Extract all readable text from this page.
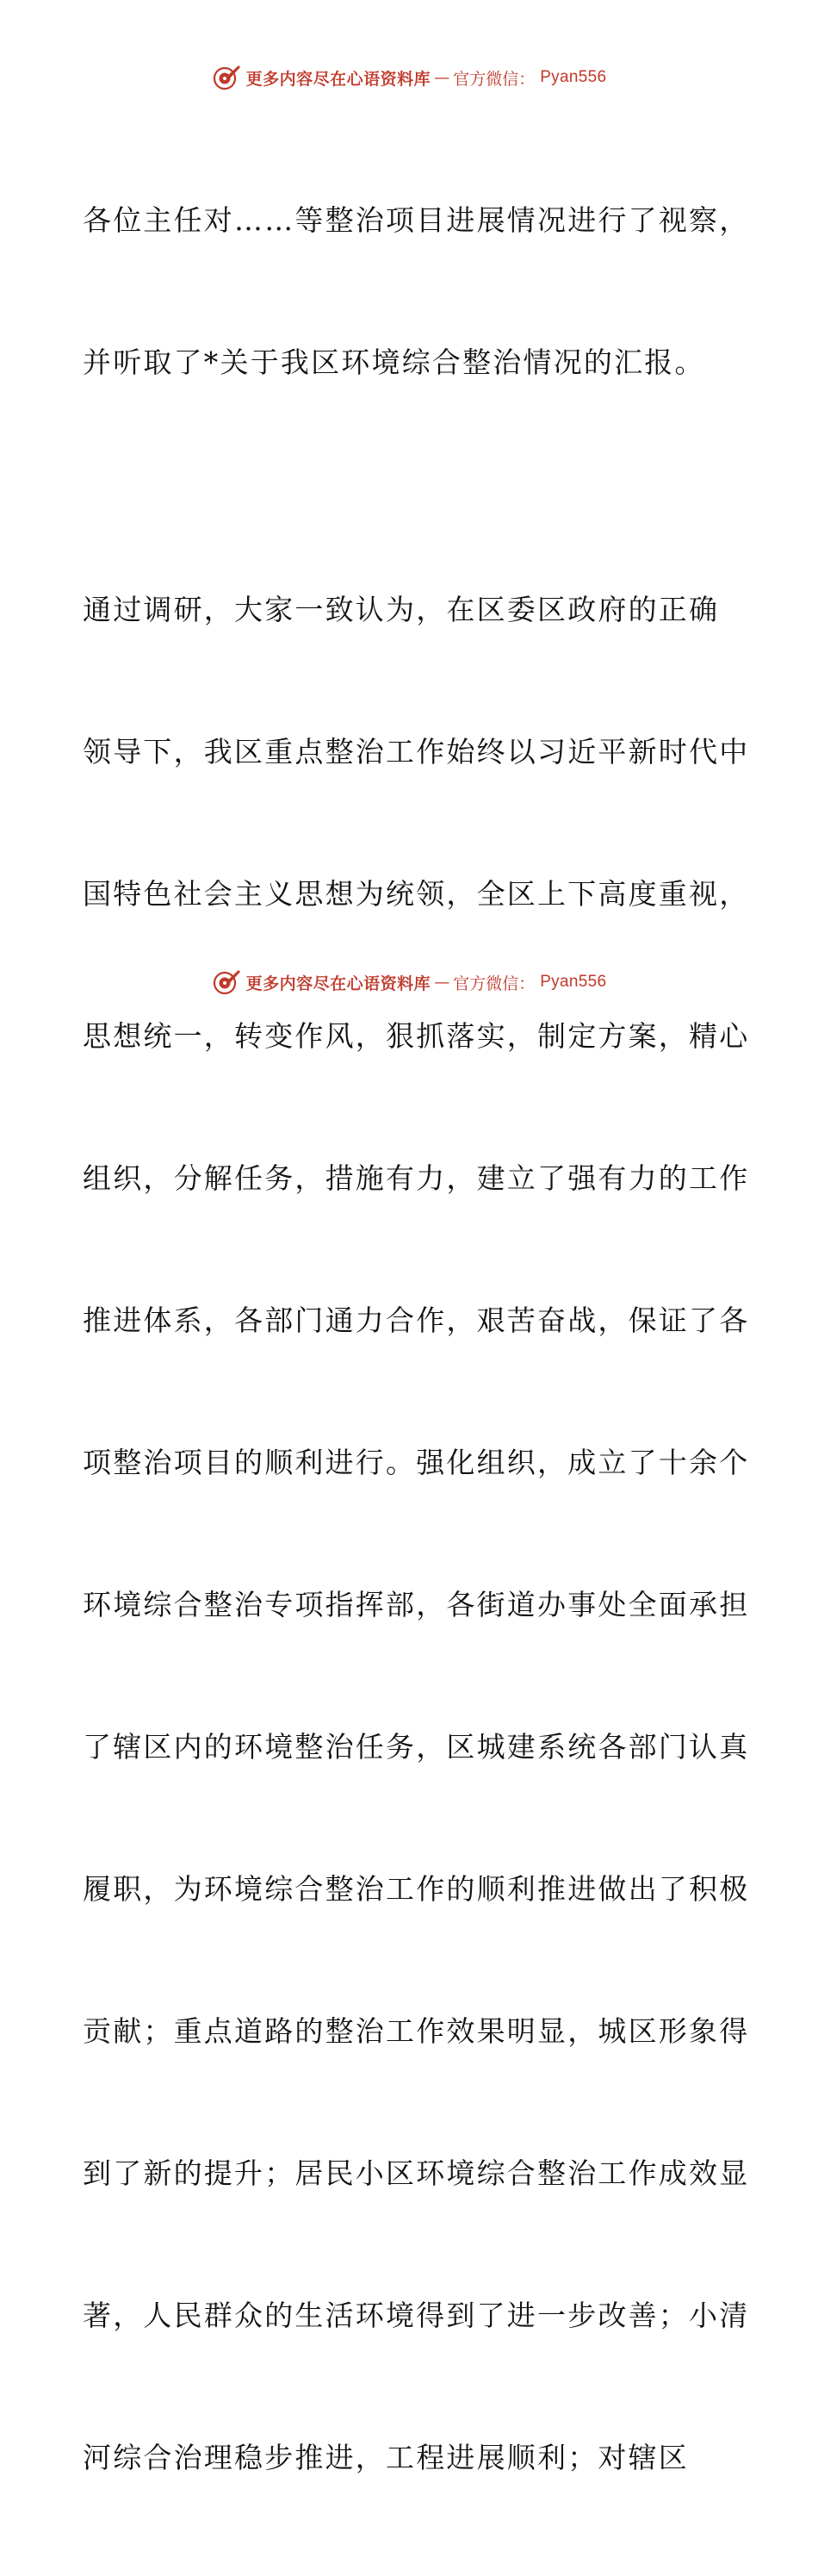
更多内容尽在心语资料库 — 官方微信： Pyan556

各位主任对……等整治项目进展情况进行了视察，

并听取了*关于我区环境综合整治情况的汇报。

通过调研，大家一致认为，在区委区政府的正确

领导下，我区重点整治工作始终以习近平新时代中

国特色社会主义思想为统领，全区上下高度重视，

思想统一，转变作风，狠抓落实，制定方案，精心

组织，分解任务，措施有力，建立了强有力的工作

推进体系，各部门通力合作，艰苦奋战，保证了各

项整治项目的顺利进行。强化组织，成立了十余个

环境综合整治专项指挥部，各街道办事处全面承担

了辖区内的环境整治任务，区城建系统各部门认真

履职，为环境综合整治工作的顺利推进做出了积极

贡献；重点道路的整治工作效果明显，城区形象得

到了新的提升；居民小区环境综合整治工作成效显

著，人民群众的生活环境得到了进一步改善；小清

河综合治理稳步推进，工程进展顺利；对辖区

更多内容尽在心语资料库 — 官方微信： Pyan556
